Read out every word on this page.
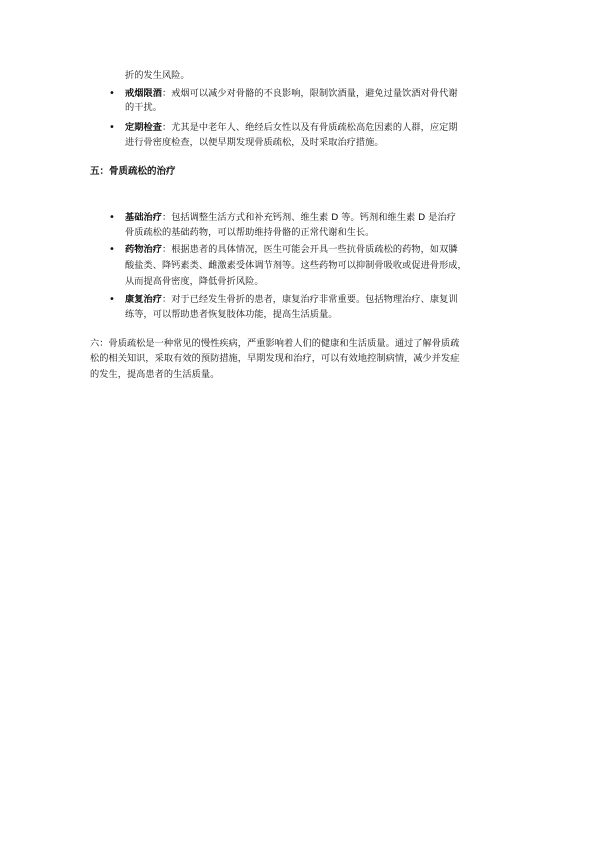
折的发生风险。
• 戒烟限酒：戒烟可以减少对骨骼的不良影响，限制饮酒量，避免过量饮酒对骨代谢
的干扰。
• 定期检查：尤其是中老年人、绝经后女性以及有骨质疏松高危因素的人群，应定期
进行骨密度检查，以便早期发现骨质疏松，及时采取治疗措施。
五：骨质疏松的治疗
• 基础治疗：包括调整生活方式和补充钙剂、维生素 D 等。钙剂和维生素 D 是治疗
骨质疏松的基础药物，可以帮助维持骨骼的正常代谢和生长。
• 药物治疗：根据患者的具体情况，医生可能会开具一些抗骨质疏松的药物，如双膦
酸盐类、降钙素类、雌激素受体调节剂等。这些药物可以抑制骨吸收或促进骨形成，
从而提高骨密度，降低骨折风险。
• 康复治疗：对于已经发生骨折的患者，康复治疗非常重要。包括物理治疗、康复训
练等，可以帮助患者恢复肢体功能，提高生活质量。
六：骨质疏松是一种常见的慢性疾病，严重影响着人们的健康和生活质量。通过了解骨质疏
松的相关知识，采取有效的预防措施，早期发现和治疗，可以有效地控制病情，减少并发症
的发生，提高患者的生活质量。
